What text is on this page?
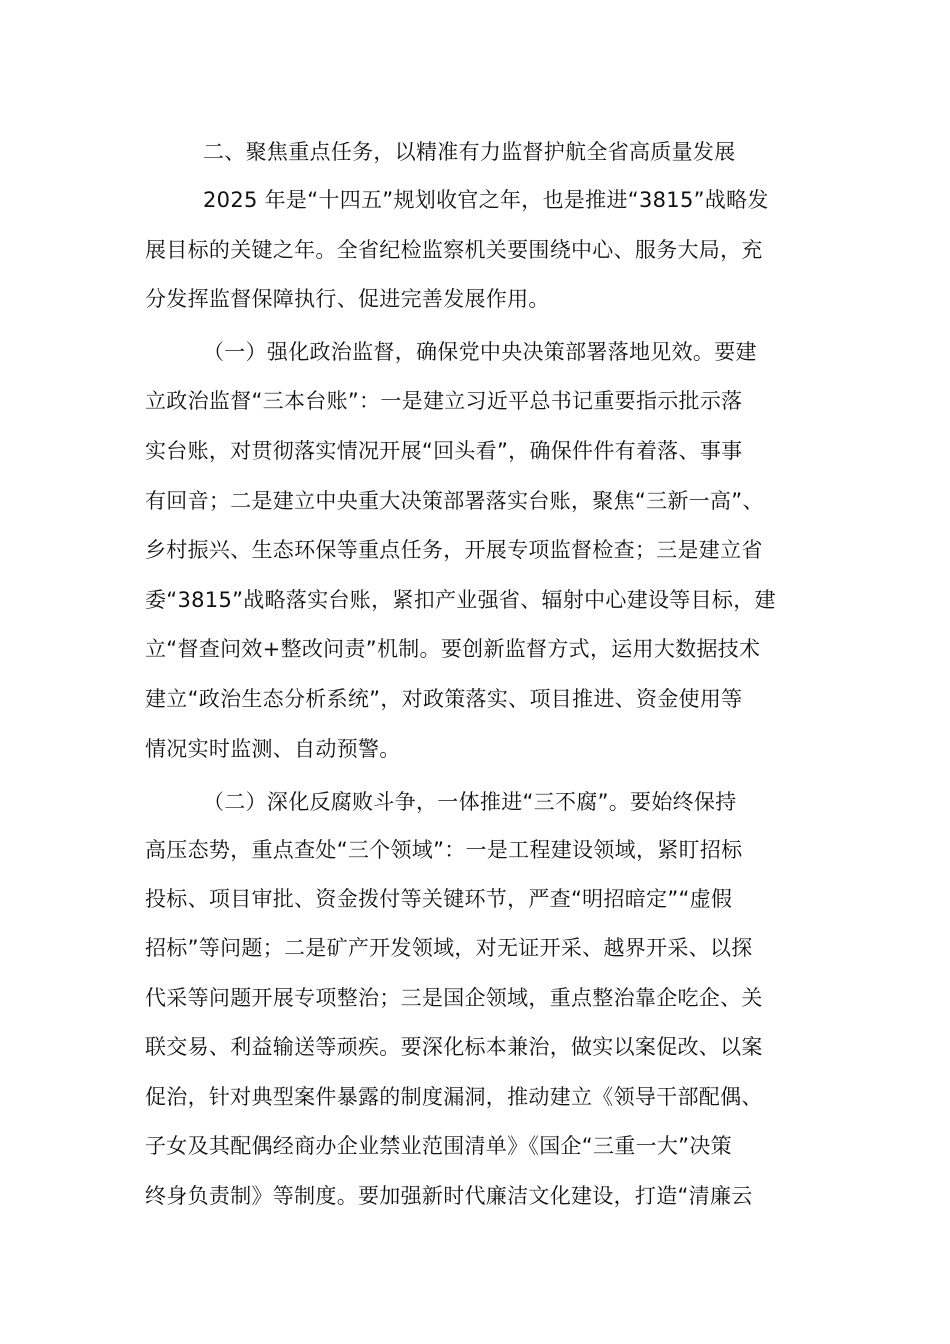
二、聚焦重点任务，以精准有力监督护航全省高质量发展
2025 年是“十四五”规划收官之年，也是推进“3815”战略发
展目标的关键之年。全省纪检监察机关要围绕中心、服务大局，充
分发挥监督保障执行、促进完善发展作用。
（一）强化政治监督，确保党中央决策部署落地见效。要建
立政治监督“三本台账”：一是建立习近平总书记重要指示批示落
实台账，对贯彻落实情况开展“回头看”，确保件件有着落、事事
有回音；二是建立中央重大决策部署落实台账，聚焦“三新一高”、
乡村振兴、生态环保等重点任务，开展专项监督检查；三是建立省
委“3815”战略落实台账，紧扣产业强省、辐射中心建设等目标，建
立“督查问效+整改问责”机制。要创新监督方式，运用大数据技术
建立“政治生态分析系统”，对政策落实、项目推进、资金使用等
情况实时监测、自动预警。
（二）深化反腐败斗争，一体推进“三不腐”。要始终保持
高压态势，重点查处“三个领域”：一是工程建设领域，紧盯招标
投标、项目审批、资金拨付等关键环节，严查“明招暗定”“虚假
招标”等问题；二是矿产开发领域，对无证开采、越界开采、以探
代采等问题开展专项整治；三是国企领域，重点整治靠企吃企、关
联交易、利益输送等顽疾。要深化标本兼治，做实以案促改、以案
促治，针对典型案件暴露的制度漏洞，推动建立《领导干部配偶、
子女及其配偶经商办企业禁业范围清单》《国企“三重一大”决策
终身负责制》等制度。要加强新时代廉洁文化建设，打造“清廉云
